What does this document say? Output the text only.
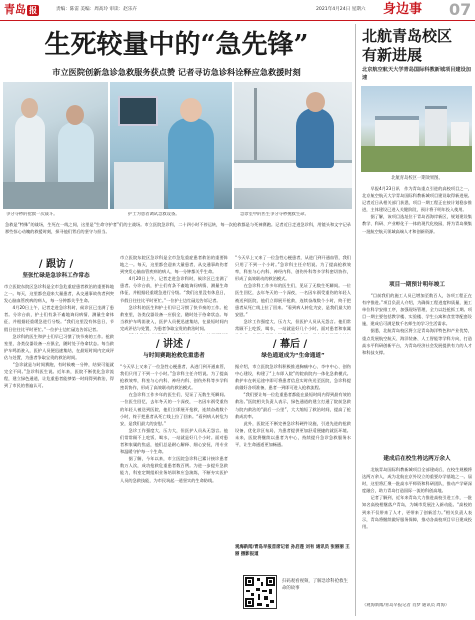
青岛 报	责编：陈雷 美编：周高玲 审读：赵乐卉	2021年4月24日 星期六 身边事 07
生死较量中的“急先锋”
市立医院创新急诊急救服务获点赞 记者寻访急诊科诠释应急救援时刻
争分夺秒的抢救一次战斗。	护士为患者调试急救设备。	急诊室中的医生争分夺秒挽救生命。
急救是“特殊”的战场，生死在一线之间，这里是“生命守护者”们的主战场。市立医院急诊科，二十四小时不停运转，每一次抢救都是与死神赛跑。记者近日走进急诊科，用镜头和文字记录那些惊心动魄的救援时刻，探寻他们背后的坚守与担当。
/ 跟访 /
坚张忙碌是急诊科工作常态
市立医院东院区急诊科是全市急危重症患者救治的重要阵地之一。每天，这里都会迎来大量患者，从交通事故伤者到突发心脑血管疾病的病人，每一分钟都关乎生命。
　　4月20日上午，记者走进急诊科时，候诊区已坐满了患者。分诊台前，护士们有条不紊地询问病情、测量生命体征，并根据轻重缓急进行分级。“我们这里没有休息日，节假日往往比平时更忙。”一位护士边忙碌边告诉记者。
　　急诊科的医生和护士们早已习惯了快节奏的工作。抢救室里，各类仪器设备一应俱全，随时处于待命状态。每当救护车鸣笛驶入，医护人员便迅速集结，在最短时间内完成评估与处置，为患者争取宝贵的救治时间。
　　“急诊就是与时间赛跑，有时候晚一分钟，结果可能就完全不同。”急诊科医生说。近年来，医院不断优化急诊流程，建立绿色通道，让危重患者能够第一时间得到救治，得到了市民的普遍认可。
市立医院东院区急诊科是全市急危重症患者救治的重要阵地之一。每天，这里都会迎来大量患者，从交通事故伤者到突发心脑血管疾病的病人，每一分钟都关乎生命。
　　4月20日上午，记者走进急诊科时，候诊区已坐满了患者。分诊台前，护士们有条不紊地询问病情、测量生命体征，并根据轻重缓急进行分级。“我们这里没有休息日，节假日往往比平时更忙。”一位护士边忙碌边告诉记者。
　　急诊科的医生和护士们早已习惯了快节奏的工作。抢救室里，各类仪器设备一应俱全，随时处于待命状态。每当救护车鸣笛驶入，医护人员便迅速集结，在最短时间内完成评估与处置，为患者争取宝贵的救治时间。

/ 讲述 /
与时间赛跑抢救危重患者
“今天早上又来了一位急性心梗患者，从进门到开通血管，我们只用了不到一个小时。”急诊科主任介绍说。为了提高抢救效率，科室与心内科、神经内科、创伤外科等多学科密切协作，形成了高效联动的救治模式。
　　在急诊科工作多年的医生们，见证了无数生死瞬间。一位医生回忆，去年冬天的一个深夜，一名因车祸受重伤的年轻人被送到医院，他们立即展开抢救，连续奋战数个小时，终于把患者从死亡线上拉了回来。“看到病人转危为安，是我们最大的安慰。”
　　急诊工作强度大、压力大，但医护人员从无怨言。他们常常顾不上吃饭、喝水，一站就是好几个小时。面对患者和家属的焦虑，他们总是耐心解释、细心安抚，用专业和温暖守护每一个生命。
　　据了解，今年以来，市立医院急诊科已累计接诊患者数万人次，成功抢救危重患者数百例。为进一步提升急救能力，科室定期组织业务培训和应急演练，不断夯实医护人员的急救技能，为市民筑起一道坚实的生命防线。
“今天早上又来了一位急性心梗患者，从进门到开通血管，我们只用了不到一个小时。”急诊科主任介绍说。为了提高抢救效率，科室与心内科、神经内科、创伤外科等多学科密切协作，形成了高效联动的救治模式。
　　在急诊科工作多年的医生们，见证了无数生死瞬间。一位医生回忆，去年冬天的一个深夜，一名因车祸受重伤的年轻人被送到医院，他们立即展开抢救，连续奋战数个小时，终于把患者从死亡线上拉了回来。“看到病人转危为安，是我们最大的安慰。”
　　急诊工作强度大、压力大，但医护人员从无怨言。他们常常顾不上吃饭、喝水，一站就是好几个小时。面对患者和家属

/ 幕后 /
绿色通道成为“生命通道”
据介绍，市立医院急诊科积极推进胸痛中心、卒中中心、创伤中心建设，构建了“上车即入院”的院前院内一体化急救模式。救护车在转运途中即可将患者信息实时传送至医院，急诊科提前做好各项准备，患者一到即可进入抢救流程。
　　“我们要让每一位危重患者都能在最短时间内得到最有效的救治。”医院相关负责人表示，绿色通道的建立打通了院前急救与院内救治的“最后一公里”，大大缩短了救治时间，提高了抢救成功率。
　　此外，医院还不断完善急诊科硬件设施，引进先进的抢救设备，优化诊区布局，为患者提供更加舒适便捷的就医环境。未来，医院将继续以患者为中心，持续提升急诊急救服务水平，让生命通道更加畅通。
观海新闻/青岛早报首席记者 孙启莲 刘有 通讯员 张丽丽 王丽 摄影报道
扫码观看视频，了解急诊科抢救生命的故事
北航青岛校区
有新进展
北京航空航天大学青岛国际科教新城项目建设加速
北航青岛校区一期效果图。
　　早报4月23日讯　作为青岛重点引进的高校项目之一，北京航空航天大学青岛国际科教新城项目建设取得新进展。记者近日从相关部门获悉，项目一期工程正在按计划稳步推进，主体建设已进入关键阶段，预计将于明年投入使用。
　　据了解，该项目选址位于青岛西海岸新区，规划建设集教学、科研、产业孵化于一体的现代化校园，将为青岛聚集一批航空航天领域高端人才和创新资源。
项目一期预计明年竣工
　　“目前我们的施工人员已增加至数百人，各项工程正在有序推进。”项目负责人介绍，为确保工程进度和质量，施工单位科学安排工序，加强现场管理，全力以赴抢抓工期。项目一期主要包括教学楼、实验楼、学生公寓和食堂等配套设施，建成后可满足数千名师生的学习生活需求。
　　据悉，北航青岛校区将立足青岛海洋特色和产业优势，重点发展航空航天、海洋装备、人工智能等学科方向，打造高水平科研创新平台，为青岛经济社会发展提供有力的人才和科技支撑。
建成后在校生将达两万余人
　　北航青岛国际科教新城项目全部建成后，在校生规模将达两万余人，成为北航在京外设立的重要办学基地之一。届时，这里将汇聚一批高水平师资和科研团队，推动产学研深度融合，助力青岛打造国际一流的科创高地。
　　记者了解到，近年来青岛大力推进高校引进工作，一批知名高校相继落户青岛，为城市发展注入新动能。“高校的到来不仅带来了人才，更带来了创新活力。”相关负责人表示，青岛将继续做好服务保障，推动各高校项目早日建成投用。
（观海新闻/青岛早报记者 肖梦 通讯员 周海）
